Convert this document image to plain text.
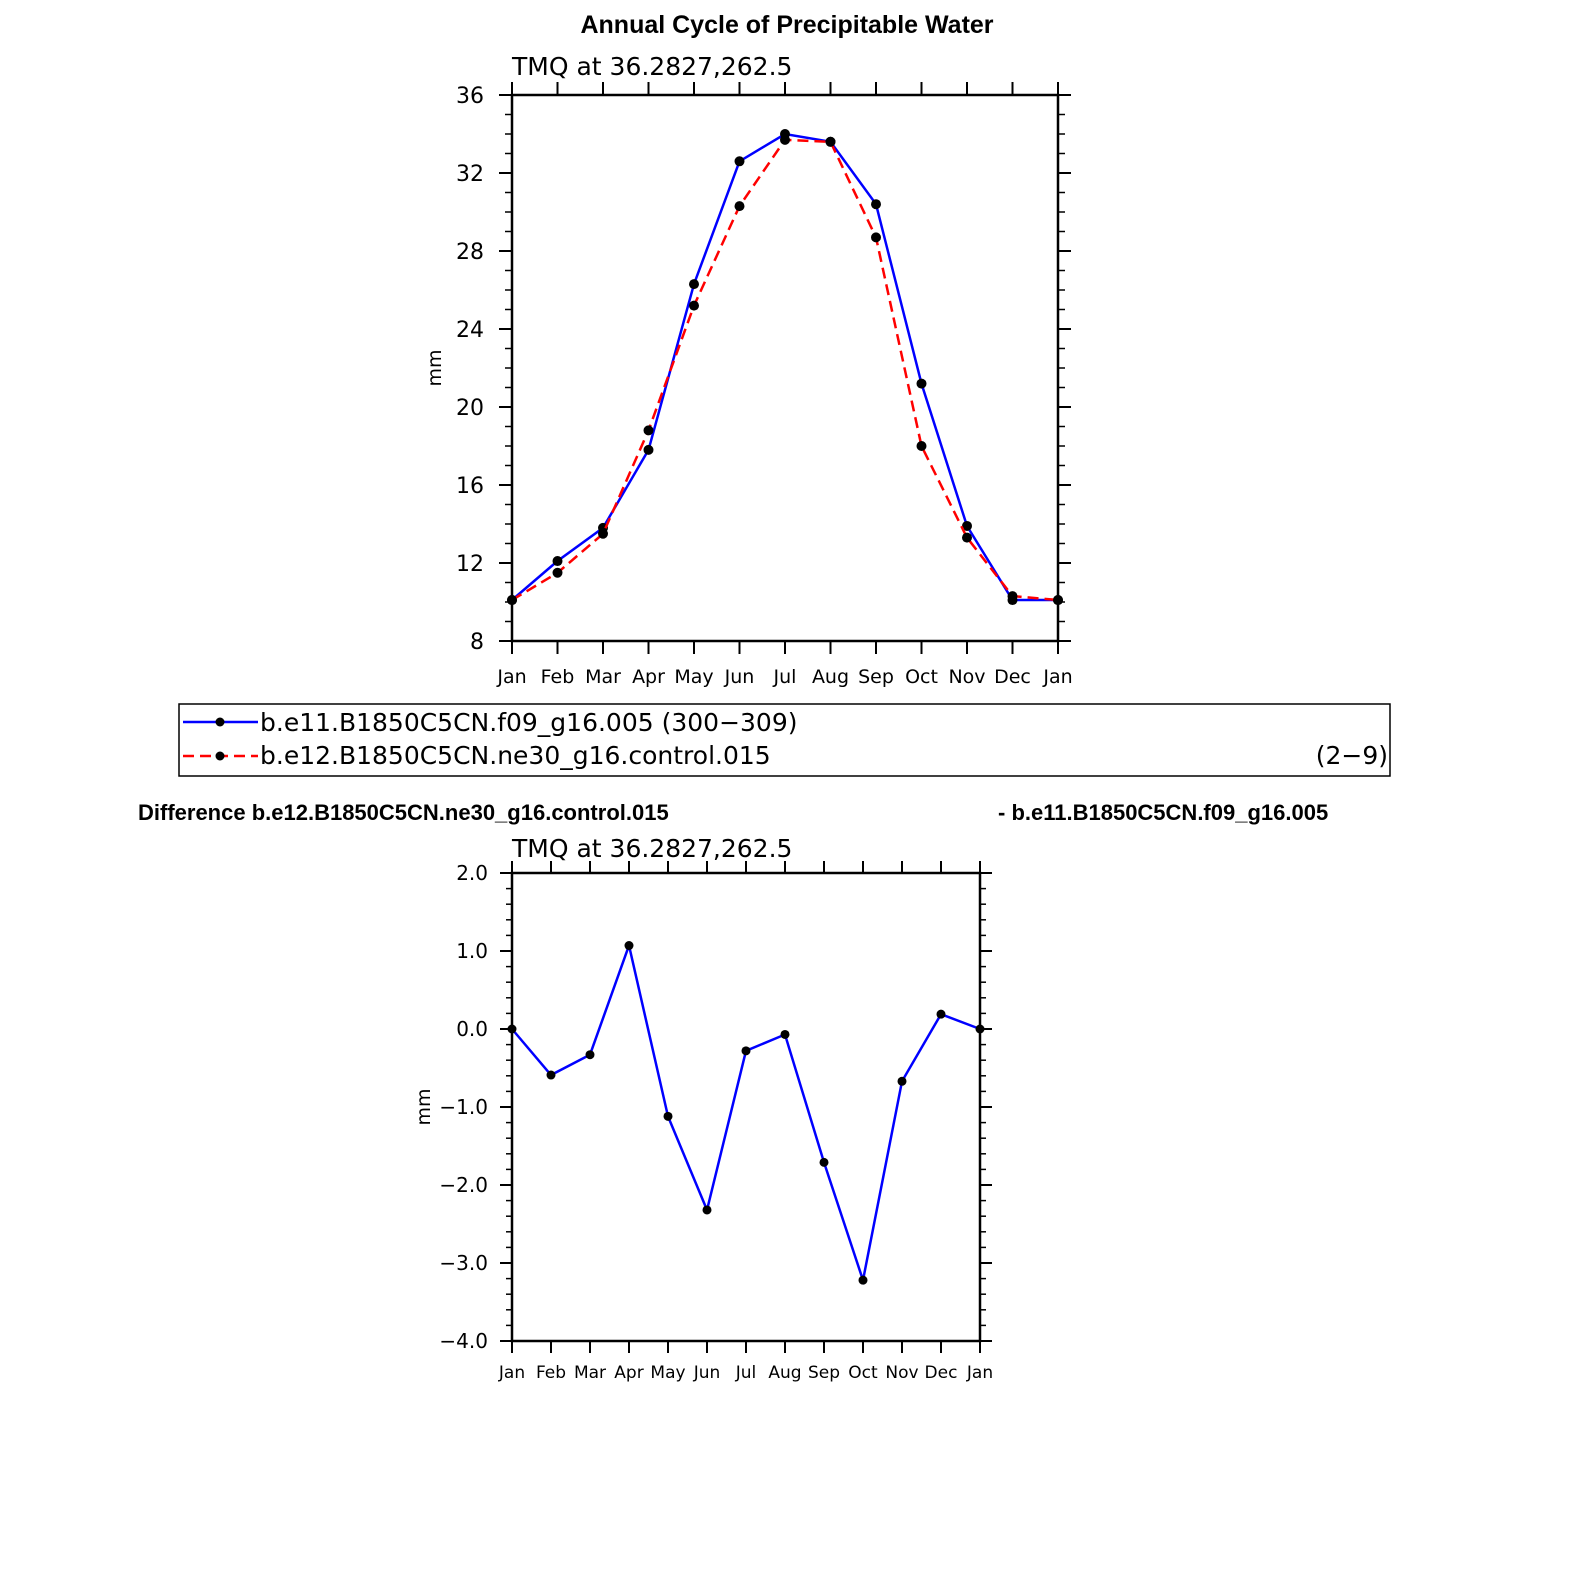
Annual Cycle of Precipitable Water
TMQ at 36.2827,262.5
mm
Jan Feb Mar Apr May Jun Jul Aug Sep Oct Nov Dec Jan
8
12
16
20
24
28
32
36
b.e11.B1850C5CN.f09_g16.005 (300−309)
b.e12.B1850C5CN.ne30_g16.control.015	(2−9)
Difference b.e12.B1850C5CN.ne30_g16.control.015	- b.e11.B1850C5CN.f09_g16.005
TMQ at 36.2827,262.5
mm
Jan Feb Mar Apr May Jun Jul Aug Sep Oct Nov Dec Jan
−4.0
−3.0
−2.0
−1.0
0.0
1.0
2.0
